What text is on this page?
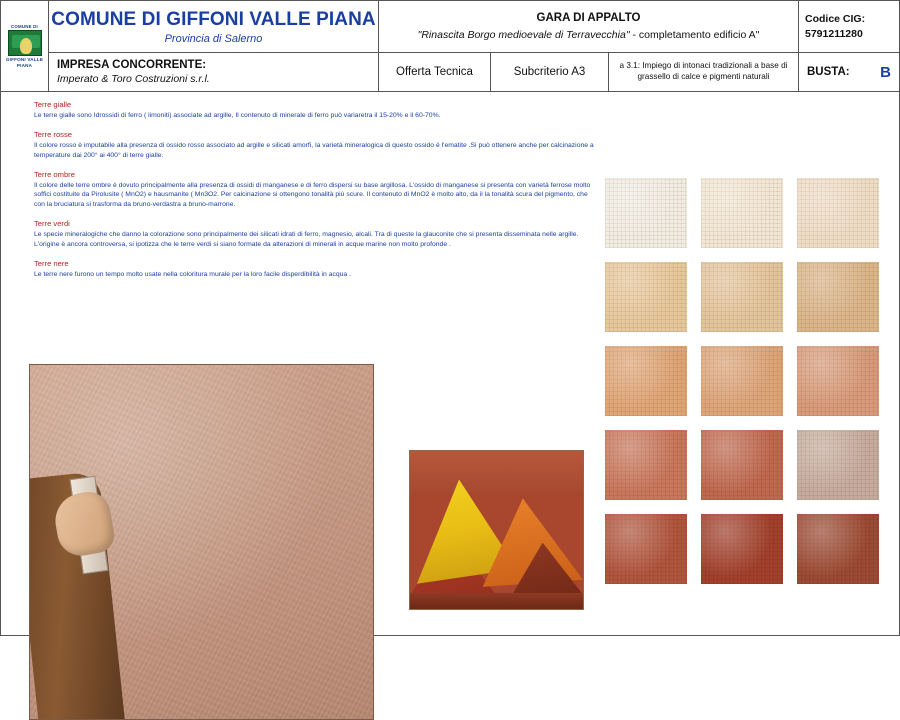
COMUNE DI
GIFFONI VALLE PIANA
COMUNE DI GIFFONI VALLE PIANA
Provincia di Salerno
IMPRESA CONCORRENTE:
Imperato & Toro Costruzioni s.r.l.
GARA DI APPALTO
"Rinascita Borgo medioevale di Terravecchia" - completamento edificio A"
Offerta Tecnica	Subcriterio A3
a 3.1: Impiego di intonaci tradizionali a base di grassello di calce e pigmenti naturali
Codice CIG:
5791211280
BUSTA: B
Terre gialle
Le terre gialle sono Idrossidi di ferro ( limoniti) associate ad argille, Il contenuto di minerale di ferro può variaretra il 15-20% e il 60-70%.
Terre rosse
Il colore rosso è imputabile alla presenza di ossido rosso associato ad argille e silicati amorfi, la varietà mineralogica di questo ossido è l'ematite .Si può ottenere anche per calcinazione a temperature dai 200° ai 400° di terre gialle.
Terre ombre
Il colore delle terre ombre è dovuto principalmente alla presenza di ossidi di manganese e di ferro dispersi su base argillosa. L'ossido di manganese si presenta con varietà ferrose molto soffici costituite da Pirolusite ( MnO2) e hausmanite ( Mn3O2. Per calcinazione si ottengono tonalità più scure. Il contenuto di MnO2 è molto alto, da il la tonalità scura del pigmento, che con la bruciatura si trasforma da bruno-verdastra a bruno-marrone.
Terre verdi
Le specie mineralogiche che danno la colorazione sono principalmente dei silicati idrati di ferro, magnesio, alcali. Tra di queste la glauconite che si presenta disseminata nelle argille. L'origine è ancora controversa, si ipotizza che le terre verdi si siano formate da alterazioni di minerali in acque marine non molto profonde .
Terre nere
Le terre nere furono un tempo molto usate nella coloritura murale per la loro facile disperdibilità in acqua .
